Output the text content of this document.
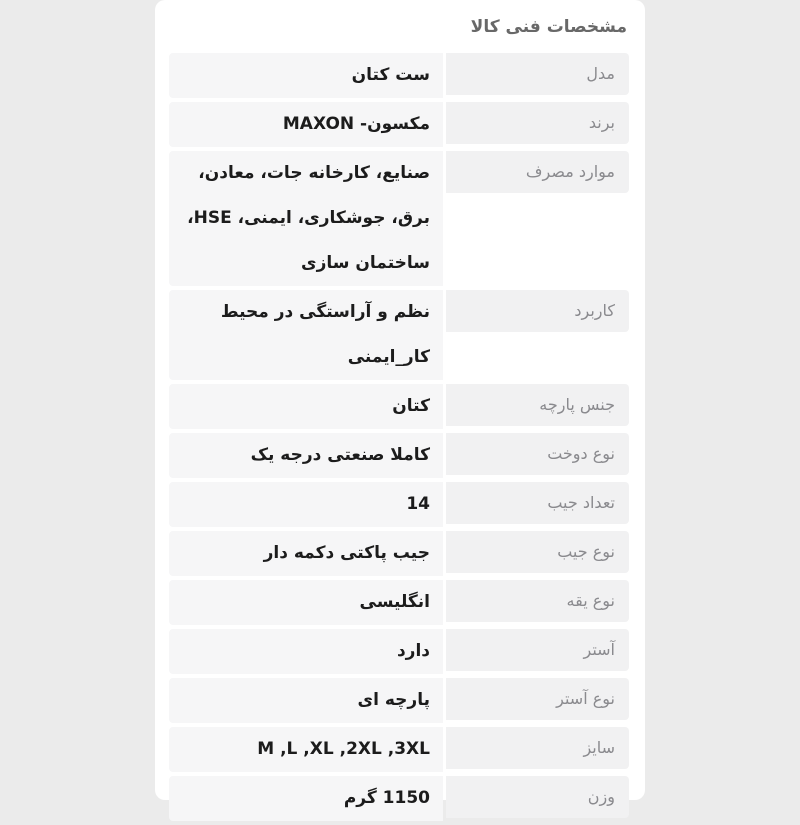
مشخصات فنی کالا
مدل
ست کتان
برند
مکسون- MAXON
موارد مصرف
صنایع، کارخانه جات، معادن، برق، جوشکاری، ایمنی، HSE، ساختمان سازی
کاربرد
نظم و آراستگی در محیط کار_ایمنی
جنس پارچه
کتان
نوع دوخت
کاملا صنعتی درجه یک
تعداد جیب
14
نوع جیب
جیب پاکتی دکمه دار
نوع یقه
انگلیسی
آستر
دارد
نوع آستر
پارچه ای
سایز
M ,L ,XL ,2XL ,3XL
وزن
1150 گرم
